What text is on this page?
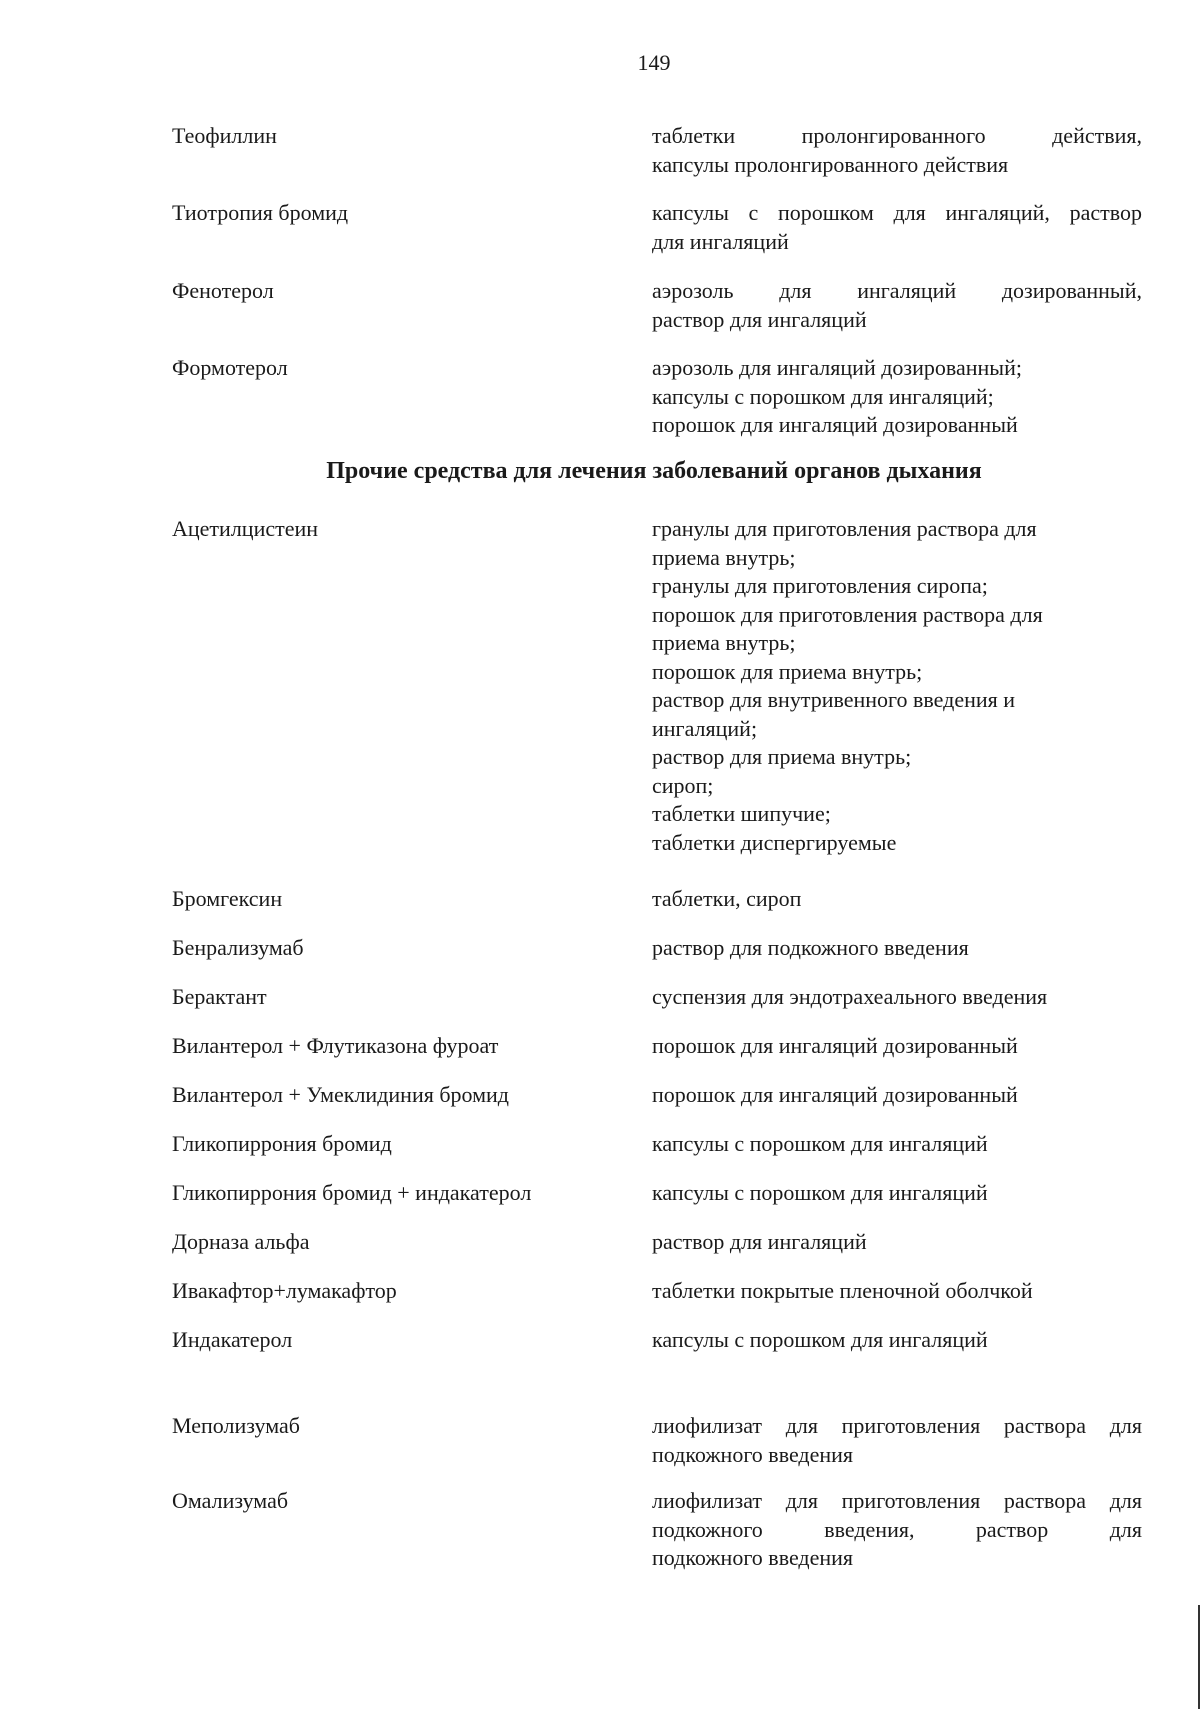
149
Теофиллин	таблетки пролонгированного действия,
капсулы пролонгированного действия
Тиотропия бромид	капсулы с порошком для ингаляций, раствор
для ингаляций
Фенотерол	аэрозоль для ингаляций дозированный,
раствор для ингаляций
Формотерол	аэрозоль для ингаляций дозированный;
капсулы с порошком для ингаляций;
порошок для ингаляций дозированный
Прочие средства для лечения заболеваний органов дыхания
Ацетилцистеин	гранулы для приготовления раствора для
приема внутрь;
гранулы для приготовления сиропа;
порошок для приготовления раствора для
приема внутрь;
порошок для приема внутрь;
раствор для внутривенного введения и
ингаляций;
раствор для приема внутрь;
сироп;
таблетки шипучие;
таблетки диспергируемые
Бромгексин	таблетки, сироп
Бенрализумаб	раствор для подкожного введения
Берактант	суспензия для эндотрахеального введения
Вилантерол + Флутиказона фуроат	порошок для ингаляций дозированный
Вилантерол + Умеклидиния бромид	порошок для ингаляций дозированный
Гликопиррония бромид	капсулы с порошком для ингаляций
Гликопиррония бромид + индакатерол	капсулы с порошком для ингаляций
Дорназа альфа	раствор для ингаляций
Ивакафтор+лумакафтор	таблетки покрытые пленочной оболчкой
Индакатерол	капсулы с порошком для ингаляций
Меполизумаб	лиофилизат для приготовления раствора для
подкожного введения
Омализумаб	лиофилизат для приготовления раствора для
подкожного введения, раствор для
подкожного введения
